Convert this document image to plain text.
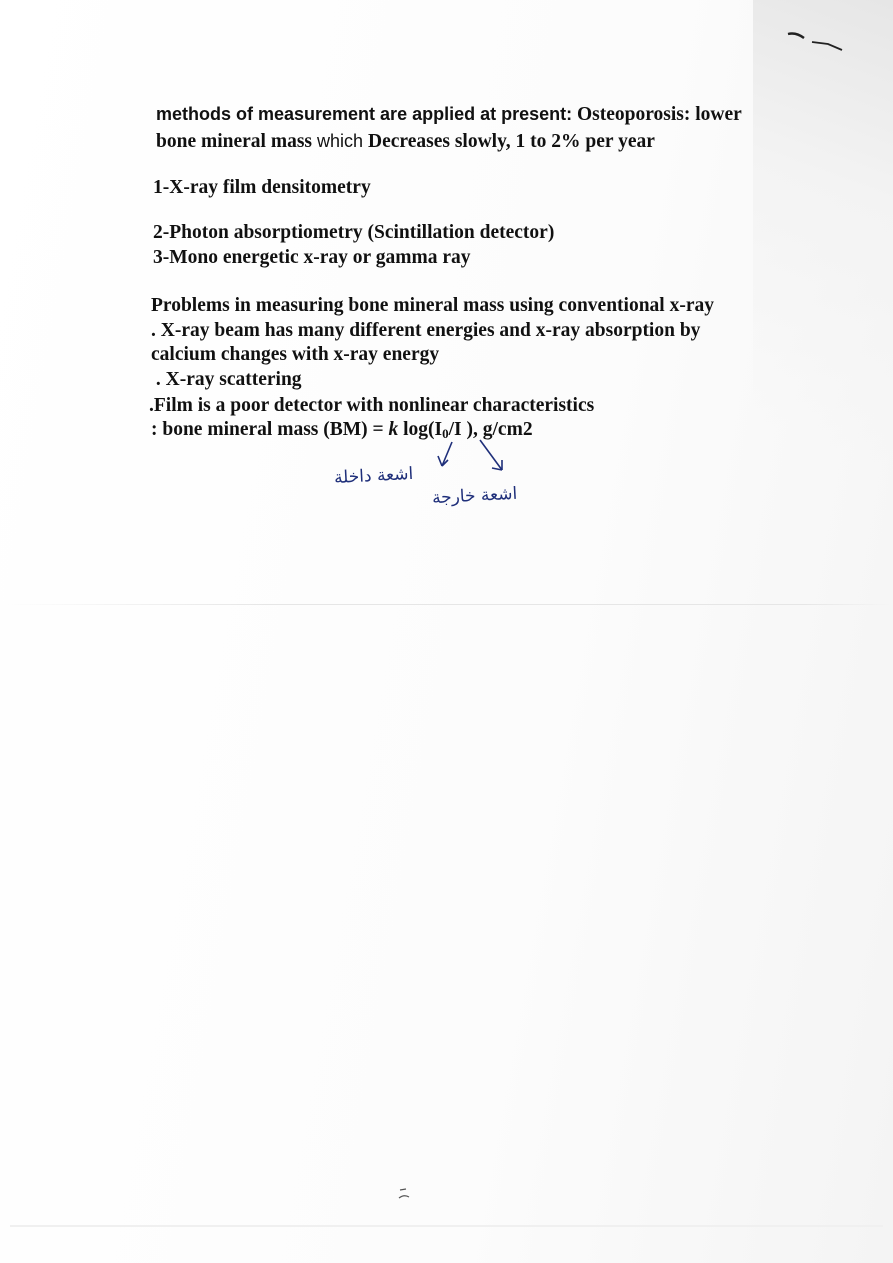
methods of measurement are applied at present: Osteoporosis: lower
bone mineral mass which Decreases slowly, 1 to 2% per year
1-X-ray film densitometry
2-Photon absorptiometry (Scintillation detector)
3-Mono energetic x-ray or gamma ray
Problems in measuring bone mineral mass using conventional x-ray
. X-ray beam has many different energies and x-ray absorption by
calcium changes with x-ray energy
. X-ray scattering
.Film is a poor detector with nonlinear characteristics
: bone mineral mass (BM) = k $\log(I_0/I$ ), g/cm2
اشعة داخلة
اشعة خارجة
